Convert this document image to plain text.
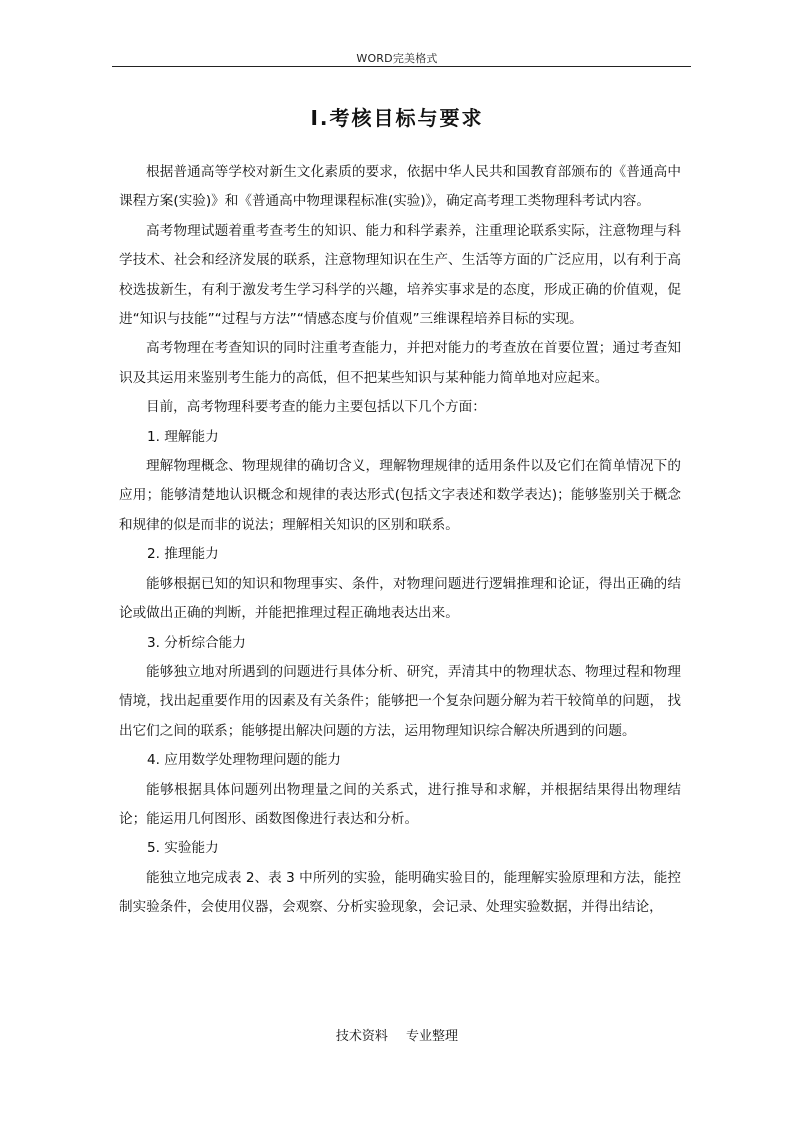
WORD完美格式
Ⅰ.考核目标与要求

根据普通高等学校对新生文化素质的要求，依据中华人民共和国教育部颁布的《普通高中课程方案(实验)》和《普通高中物理课程标准(实验)》，确定高考理工类物理科考试内容。

高考物理试题着重考查考生的知识、能力和科学素养，注重理论联系实际，注意物理与科学技术、社会和经济发展的联系，注意物理知识在生产、生活等方面的广泛应用，以有利于高校选拔新生，有利于激发考生学习科学的兴趣，培养实事求是的态度，形成正确的价值观，促进“知识与技能”“过程与方法”“情感态度与价值观”三维课程培养目标的实现。

高考物理在考查知识的同时注重考查能力，并把对能力的考查放在首要位置；通过考查知识及其运用来鉴别考生能力的高低，但不把某些知识与某种能力简单地对应起来。

目前，高考物理科要考查的能力主要包括以下几个方面：

1. 理解能力

理解物理概念、物理规律的确切含义，理解物理规律的适用条件以及它们在简单情况下的应用；能够清楚地认识概念和规律的表达形式(包括文字表述和数学表达)；能够鉴别关于概念和规律的似是而非的说法；理解相关知识的区别和联系。

2. 推理能力

能够根据已知的知识和物理事实、条件，对物理问题进行逻辑推理和论证，得出正确的结论或做出正确的判断，并能把推理过程正确地表达出来。

3. 分析综合能力

能够独立地对所遇到的问题进行具体分析、研究，弄清其中的物理状态、物理过程和物理情境，找出起重要作用的因素及有关条件；能够把一个复杂问题分解为若干较简单的问题， 找出它们之间的联系；能够提出解决问题的方法，运用物理知识综合解决所遇到的问题。

4. 应用数学处理物理问题的能力

能够根据具体问题列出物理量之间的关系式，进行推导和求解，并根据结果得出物理结论；能运用几何图形、函数图像进行表达和分析。

5. 实验能力

能独立地完成表 2、表 3 中所列的实验，能明确实验目的，能理解实验原理和方法，能控制实验条件，会使用仪器，会观察、分析实验现象，会记录、处理实验数据，并得出结论，

技术资料 专业整理
